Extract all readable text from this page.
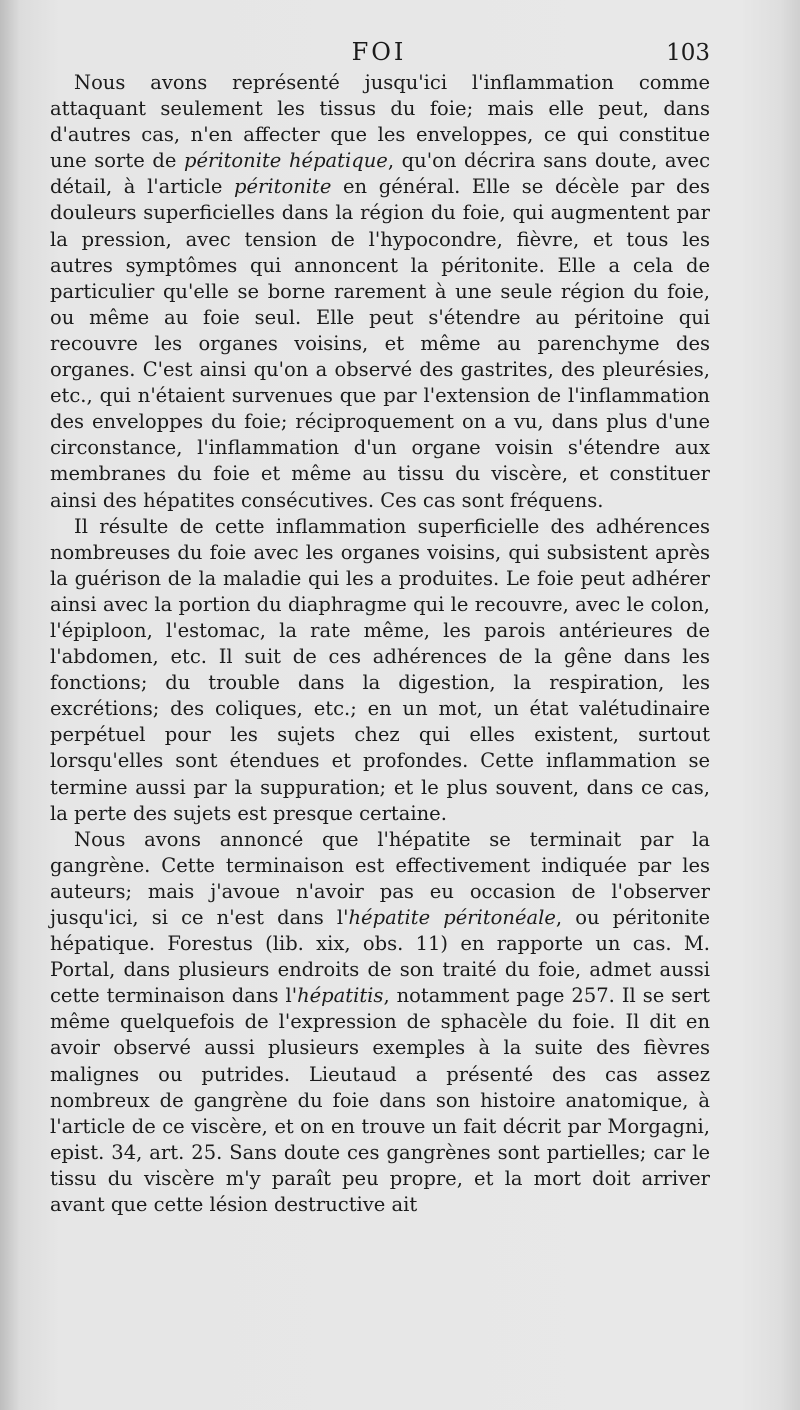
FOI	103

Nous avons représenté jusqu'ici l'inflammation comme attaquant seulement les tissus du foie; mais elle peut, dans d'autres cas, n'en affecter que les enveloppes, ce qui constitue une sorte de péritonite hépatique, qu'on décrira sans doute, avec détail, à l'article péritonite en général. Elle se décèle par des douleurs superficielles dans la région du foie, qui augmentent par la pression, avec tension de l'hypocondre, fièvre, et tous les autres symptômes qui annoncent la péritonite. Elle a cela de particulier qu'elle se borne rarement à une seule région du foie, ou même au foie seul. Elle peut s'étendre au péritoine qui recouvre les organes voisins, et même au parenchyme des organes. C'est ainsi qu'on a observé des gastrites, des pleurésies, etc., qui n'étaient survenues que par l'extension de l'inflammation des enveloppes du foie; réciproquement on a vu, dans plus d'une circonstance, l'inflammation d'un organe voisin s'étendre aux membranes du foie et même au tissu du viscère, et constituer ainsi des hépatites consécutives. Ces cas sont fréquens.

Il résulte de cette inflammation superficielle des adhérences nombreuses du foie avec les organes voisins, qui subsistent après la guérison de la maladie qui les a produites. Le foie peut adhérer ainsi avec la portion du diaphragme qui le recouvre, avec le colon, l'épiploon, l'estomac, la rate même, les parois antérieures de l'abdomen, etc. Il suit de ces adhérences de la gêne dans les fonctions; du trouble dans la digestion, la respiration, les excrétions; des coliques, etc.; en un mot, un état valétudinaire perpétuel pour les sujets chez qui elles existent, surtout lorsqu'elles sont étendues et profondes. Cette inflammation se termine aussi par la suppuration; et le plus souvent, dans ce cas, la perte des sujets est presque certaine.

Nous avons annoncé que l'hépatite se terminait par la gangrène. Cette terminaison est effectivement indiquée par les auteurs; mais j'avoue n'avoir pas eu occasion de l'observer jusqu'ici, si ce n'est dans l'hépatite péritonéale, ou péritonite hépatique. Forestus (lib. xix, obs. 11) en rapporte un cas. M. Portal, dans plusieurs endroits de son traité du foie, admet aussi cette terminaison dans l'hépatitis, notamment page 257. Il se sert même quelquefois de l'expression de sphacèle du foie. Il dit en avoir observé aussi plusieurs exemples à la suite des fièvres malignes ou putrides. Lieutaud a présenté des cas assez nombreux de gangrène du foie dans son histoire anatomique, à l'article de ce viscère, et on en trouve un fait décrit par Morgagni, epist. 34, art. 25. Sans doute ces gangrènes sont partielles; car le tissu du viscère m'y paraît peu propre, et la mort doit arriver avant que cette lésion destructive ait
